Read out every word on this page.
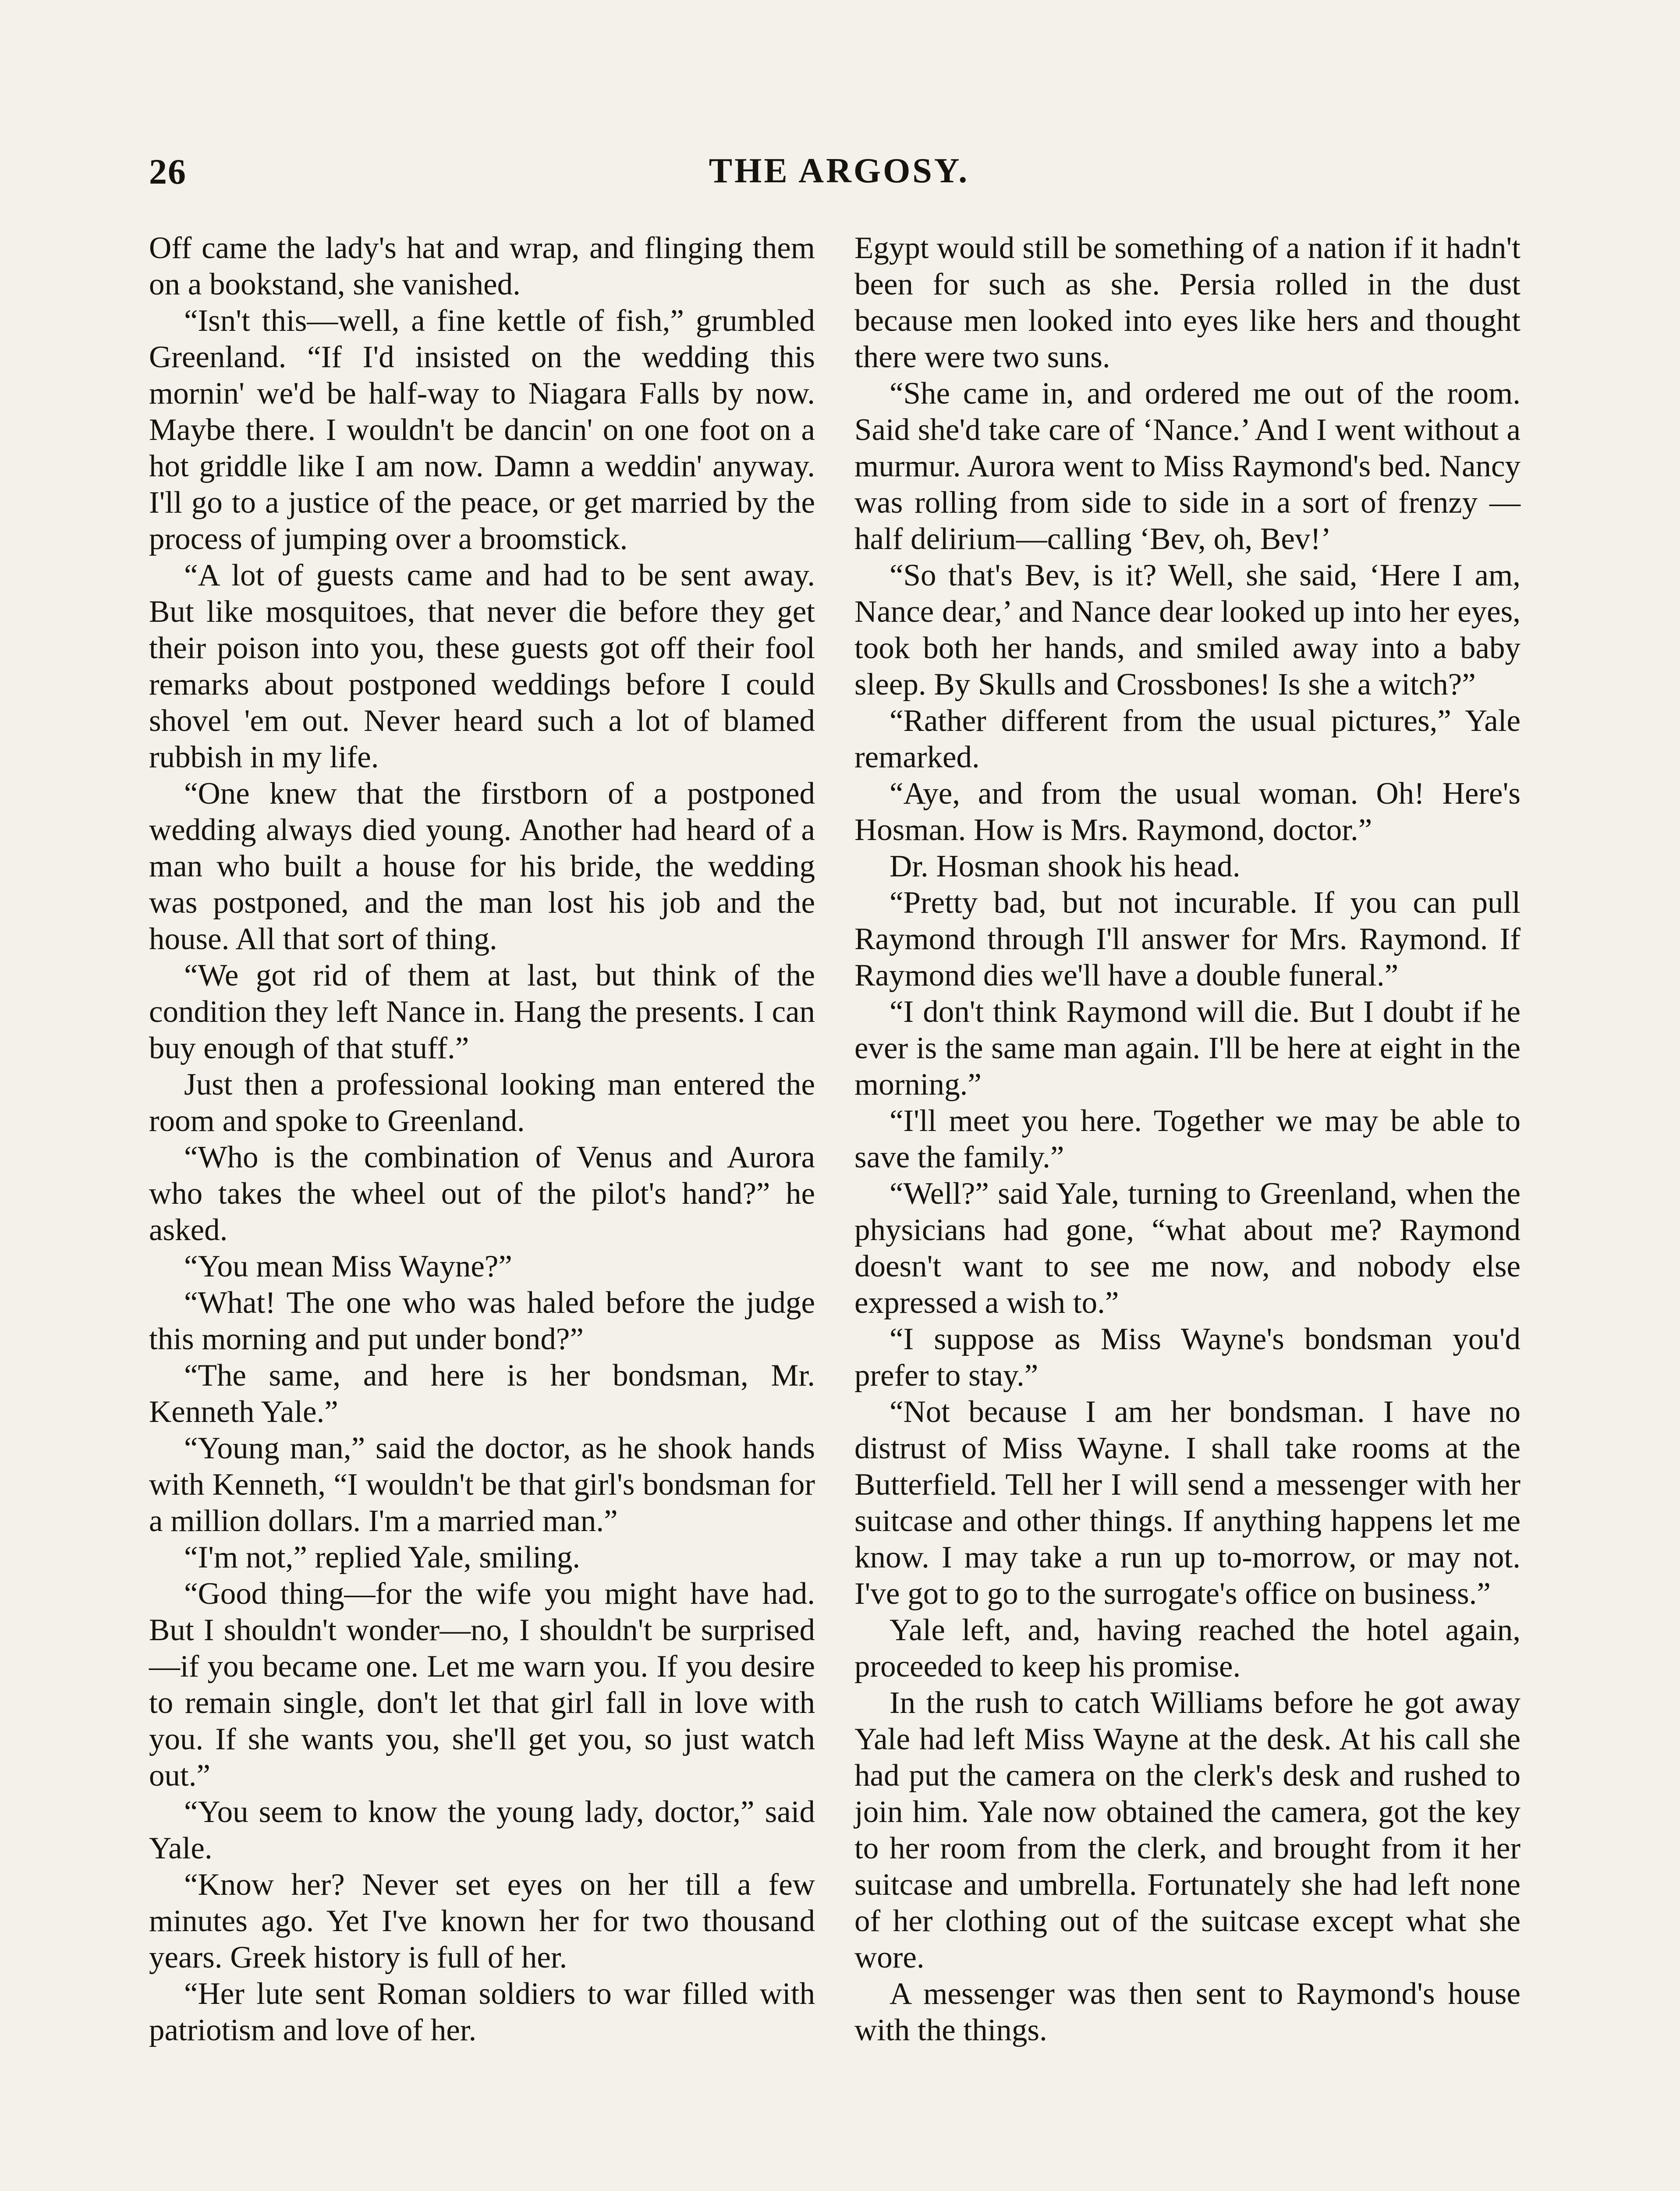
26	THE ARGOSY.

Off came the lady's hat and wrap, and flinging them on a bookstand, she vanished.

“Isn't this—well, a fine kettle of fish,” grumbled Greenland. “If I'd insisted on the wedding this mornin' we'd be half-way to Niagara Falls by now. Maybe there. I wouldn't be dancin' on one foot on a hot griddle like I am now. Damn a weddin' anyway. I'll go to a justice of the peace, or get married by the process of jumping over a broomstick.

“A lot of guests came and had to be sent away. But like mosquitoes, that never die before they get their poison into you, these guests got off their fool remarks about postponed weddings before I could shovel 'em out. Never heard such a lot of blamed rubbish in my life.

“One knew that the firstborn of a postponed wedding always died young. Another had heard of a man who built a house for his bride, the wedding was postponed, and the man lost his job and the house. All that sort of thing.

“We got rid of them at last, but think of the condition they left Nance in. Hang the presents. I can buy enough of that stuff.”

Just then a professional looking man entered the room and spoke to Greenland.

“Who is the combination of Venus and Aurora who takes the wheel out of the pilot's hand?” he asked.

“You mean Miss Wayne?”

“What! The one who was haled before the judge this morning and put under bond?”

“The same, and here is her bondsman, Mr. Kenneth Yale.”

“Young man,” said the doctor, as he shook hands with Kenneth, “I wouldn't be that girl's bondsman for a million dollars. I'm a married man.”

“I'm not,” replied Yale, smiling.

“Good thing—for the wife you might have had. But I shouldn't wonder—no, I shouldn't be surprised—if you became one. Let me warn you. If you desire to remain single, don't let that girl fall in love with you. If she wants you, she'll get you, so just watch out.”

“You seem to know the young lady, doctor,” said Yale.

“Know her? Never set eyes on her till a few minutes ago. Yet I've known her for two thousand years. Greek history is full of her.

“Her lute sent Roman soldiers to war filled with patriotism and love of her.

Egypt would still be something of a nation if it hadn't been for such as she. Persia rolled in the dust because men looked into eyes like hers and thought there were two suns.

“She came in, and ordered me out of the room. Said she'd take care of ‘Nance.’ And I went without a murmur. Aurora went to Miss Raymond's bed. Nancy was rolling from side to side in a sort of frenzy —half delirium—calling ‘Bev, oh, Bev!’

“So that's Bev, is it? Well, she said, ‘Here I am, Nance dear,’ and Nance dear looked up into her eyes, took both her hands, and smiled away into a baby sleep. By Skulls and Crossbones! Is she a witch?”

“Rather different from the usual pictures,” Yale remarked.

“Aye, and from the usual woman. Oh! Here's Hosman. How is Mrs. Raymond, doctor.”

Dr. Hosman shook his head.

“Pretty bad, but not incurable. If you can pull Raymond through I'll answer for Mrs. Raymond. If Raymond dies we'll have a double funeral.”

“I don't think Raymond will die. But I doubt if he ever is the same man again. I'll be here at eight in the morning.”

“I'll meet you here. Together we may be able to save the family.”

“Well?” said Yale, turning to Greenland, when the physicians had gone, “what about me? Raymond doesn't want to see me now, and nobody else expressed a wish to.”

“I suppose as Miss Wayne's bondsman you'd prefer to stay.”

“Not because I am her bondsman. I have no distrust of Miss Wayne. I shall take rooms at the Butterfield. Tell her I will send a messenger with her suitcase and other things. If anything happens let me know. I may take a run up to-morrow, or may not. I've got to go to the surrogate's office on business.”

Yale left, and, having reached the hotel again, proceeded to keep his promise.

In the rush to catch Williams before he got away Yale had left Miss Wayne at the desk. At his call she had put the camera on the clerk's desk and rushed to join him. Yale now obtained the camera, got the key to her room from the clerk, and brought from it her suitcase and umbrella. Fortunately she had left none of her clothing out of the suitcase except what she wore.

A messenger was then sent to Raymond's house with the things.
